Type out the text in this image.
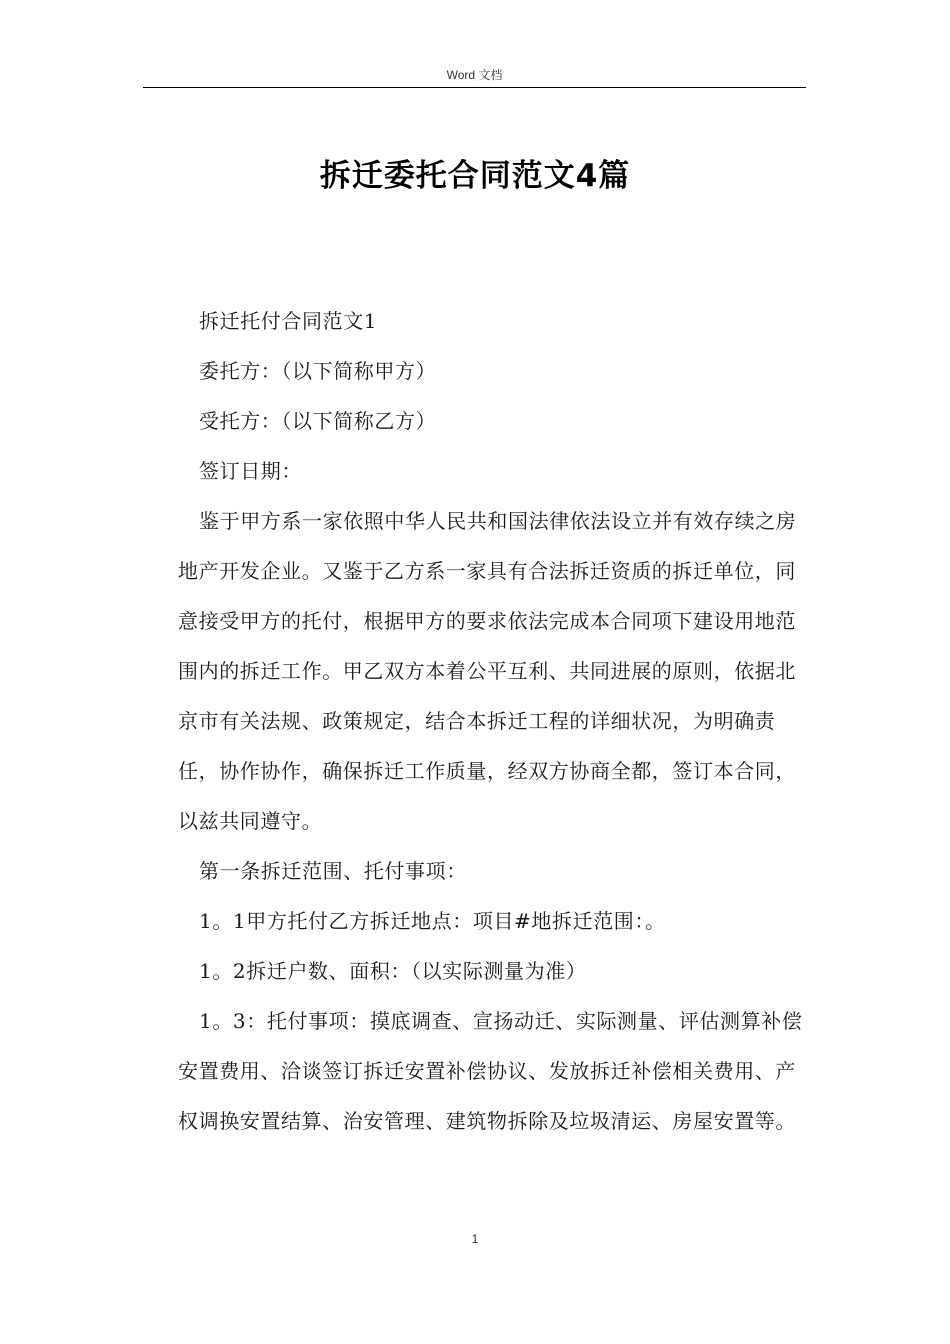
Word 文档
拆迁委托合同范文4篇

拆迁托付合同范文1

委托方：（以下简称甲方）

受托方：（以下简称乙方）

签订日期：

鉴于甲方系一家依照中华人民共和国法律依法设立并有效存续之房地产开发企业。又鉴于乙方系一家具有合法拆迁资质的拆迁单位，同意接受甲方的托付，根据甲方的要求依法完成本合同项下建设用地范围内的拆迁工作。甲乙双方本着公平互利、共同进展的原则，依据北京市有关法规、政策规定，结合本拆迁工程的详细状况，为明确责任，协作协作，确保拆迁工作质量，经双方协商全都，签订本合同，以兹共同遵守。

第一条拆迁范围、托付事项：

1。1甲方托付乙方拆迁地点：项目#地拆迁范围：。

1。2拆迁户数、面积：（以实际测量为准）

1。3：托付事项：摸底调查、宣扬动迁、实际测量、评估测算补偿安置费用、洽谈签订拆迁安置补偿协议、发放拆迁补偿相关费用、产权调换安置结算、治安管理、建筑物拆除及垃圾清运、房屋安置等。

1
